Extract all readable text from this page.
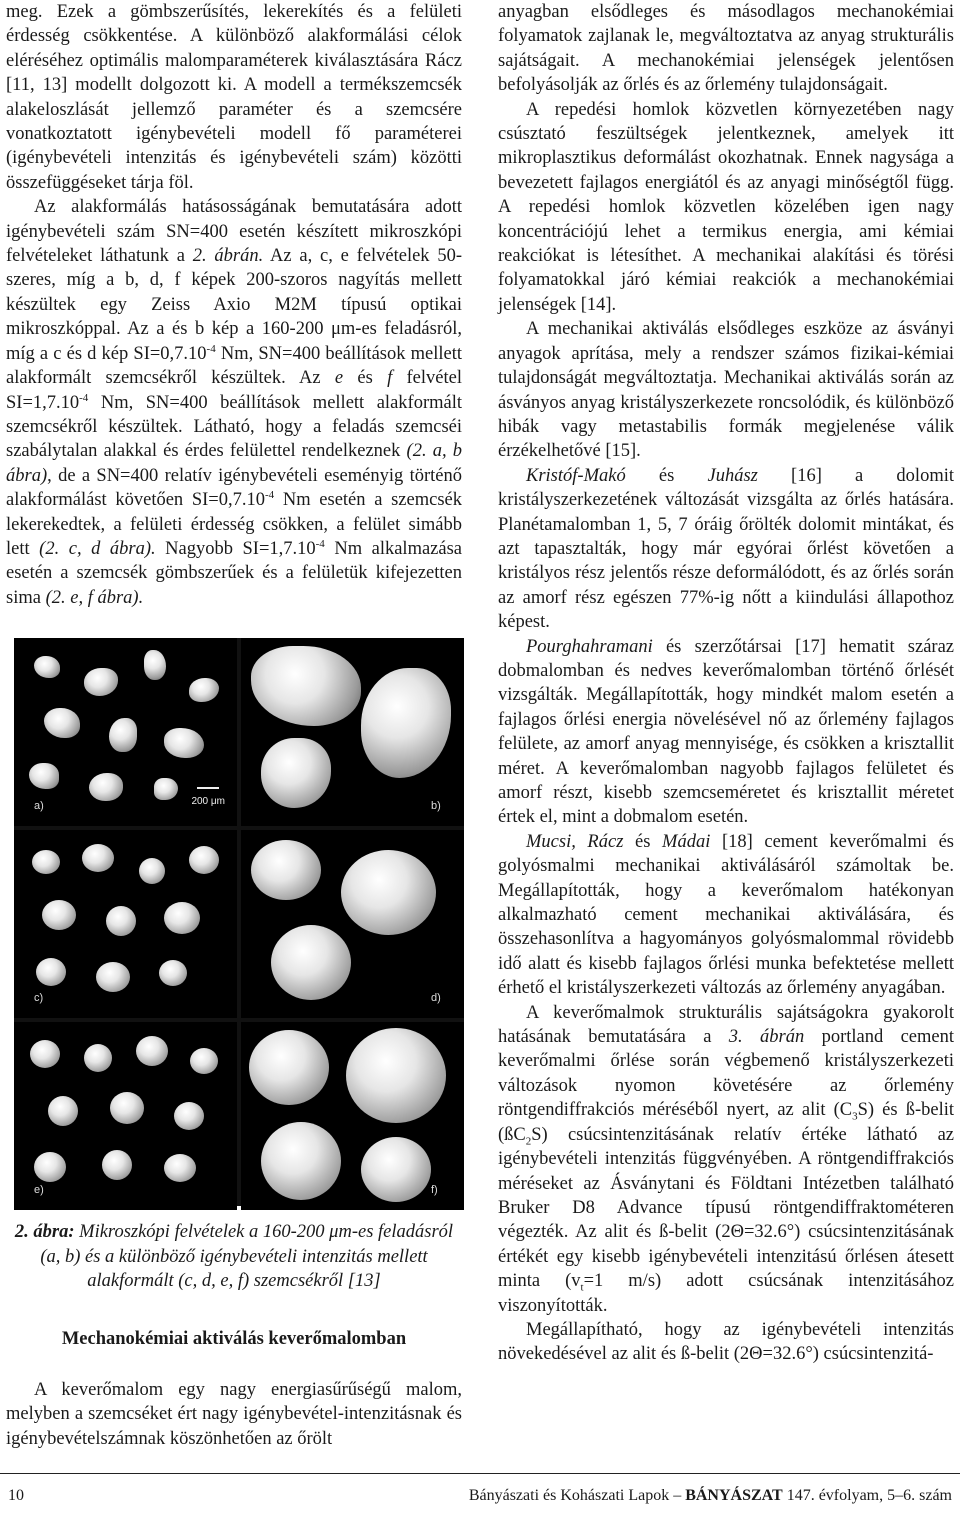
meg. Ezek a gömbszerűsítés, lekerekítés és a felületi érdesség csökkentése. A különböző alakformálási célok eléréséhez optimális malomparaméterek kiválasztására Rácz [11, 13] modellt dolgozott ki. A modell a termékszemcsék alakeloszlását jellemző paraméter és a szemcsére vonatkoztatott igénybevételi modell fő paraméterei (igénybevételi intenzitás és igénybevételi szám) közötti összefüggéseket tárja föl.

Az alakformálás hatásosságának bemutatására adott igénybevételi szám SN=400 esetén készített mikroszkópi felvételeket láthatunk a 2. ábrán. Az a, c, e felvételek 50-szeres, míg a b, d, f képek 200-szoros nagyítás mellett készültek egy Zeiss Axio M2M típusú optikai mikroszkóppal. Az a és b kép a 160-200 μm-es feladásról, míg a c és d kép $SI=0,7.10^{-4}$ Nm, SN=400 beállítások mellett alakformált szemcsékről készültek. Az e és f felvétel $SI=1,7.10^{-4}$ Nm, SN=400 beállítások mellett alakformált szemcsékről készültek. Látható, hogy a feladás szemcséi szabálytalan alakkal és érdes felülettel rendelkeznek (2. a, b ábra), de a SN=400 relatív igénybevételi eseményig történő alakformálást követően $SI=0,7.10^{-4}$ Nm esetén a szemcsék lekerekedtek, a felületi érdesség csökken, a felület simább lett (2. c, d ábra). Nagyobb $SI=1,7.10^{-4}$ Nm alkalmazása esetén a szemcsék gömbszerűek és a felületük kifejezetten sima (2. e, f ábra).

a)	200 μm	b)
c)	d)
e)	f)
2. ábra: Mikroszkópi felvételek a 160-200 μm-es feladásról (a, b) és a különböző igénybevételi intenzitás mellett alakformált (c, d, e, f) szemcsékről [13]
Mechanokémiai aktiválás keverőmalomban

A keverőmalom egy nagy energiasűrűségű malom, melyben a szemcséket ért nagy igénybevétel-intenzitásnak és igénybevételszámnak köszönhetően az őrölt

anyagban elsődleges és másodlagos mechanokémiai folyamatok zajlanak le, megváltoztatva az anyag strukturális sajátságait. A mechanokémiai jelenségek jelentősen befolyásolják az őrlés és az őrlemény tulajdonságait.

A repedési homlok közvetlen környezetében nagy csúsztató feszültségek jelentkeznek, amelyek itt mikroplasztikus deformálást okozhatnak. Ennek nagysága a bevezetett fajlagos energiától és az anyagi minőségtől függ. A repedési homlok közvetlen közelében igen nagy koncentrációjú lehet a termikus energia, ami kémiai reakciókat is létesíthet. A mechanikai alakítási és törési folyamatokkal járó kémiai reakciók a mechanokémiai jelenségek [14].

A mechanikai aktiválás elsődleges eszköze az ásványi anyagok aprítása, mely a rendszer számos fizikai-kémiai tulajdonságát megváltoztatja. Mechanikai aktiválás során az ásványos anyag kristályszerkezete roncsolódik, és különböző hibák vagy metastabilis formák megjelenése válik érzékelhetővé [15].

Kristóf-Makó és Juhász [16] a dolomit kristályszerkezetének változását vizsgálta az őrlés hatására. Planétamalomban 1, 5, 7 óráig őrölték dolomit mintákat, és azt tapasztalták, hogy már egyórai őrlést követően a kristályos rész jelentős része deformálódott, és az őrlés során az amorf rész egészen 77%-ig nőtt a kiindulási állapothoz képest.

Pourghahramani és szerzőtársai [17] hematit száraz dobmalomban és nedves keverőmalomban történő őrlését vizsgálták. Megállapították, hogy mindkét malom esetén a fajlagos őrlési energia növelésével nő az őrlemény fajlagos felülete, az amorf anyag mennyisége, és csökken a krisztallit méret. A keverőmalomban nagyobb fajlagos felületet és amorf részt, kisebb szemcseméretet és krisztallit méretet értek el, mint a dobmalom esetén.

Mucsi, Rácz és Mádai [18] cement keverőmalmi és golyósmalmi mechanikai aktiválásáról számoltak be. Megállapították, hogy a keverőmalom hatékonyan alkalmazható cement mechanikai aktiválására, és összehasonlítva a hagyományos golyósmalommal rövidebb idő alatt és kisebb fajlagos őrlési munka befektetése mellett érhető el kristályszerkezeti változás az őrlemény anyagában.

A keverőmalmok strukturális sajátságokra gyakorolt hatásának bemutatására a 3. ábrán portland cement keverőmalmi őrlése során végbemenő kristályszerkezeti változások nyomon követésére az őrlemény röntgendiffrakciós méréséből nyert, az alit $(C_3S)$ és ß-belit $(ßC_2S)$ csúcsintenzitásának relatív értéke látható az igénybevételi intenzitás függvényében. A röntgendiffrakciós méréseket az Ásványtani és Földtani Intézetben található Bruker D8 Advance típusú röntgendiffraktométeren végezték. Az alit és ß-belit (2Θ=32.6°) csúcsintenzitásának értékét egy kisebb igénybevételi intenzitású őrlésen átesett minta ($v_t=1$ m/s) adott csúcsának intenzitásához viszonyították.

Megállapítható, hogy az igénybevételi intenzitás növekedésével az alit és ß-belit (2Θ=32.6°) csúcsintenzitá-

10	Bányászati és Kohászati Lapok – BÁNYÁSZAT 147. évfolyam, 5–6. szám
